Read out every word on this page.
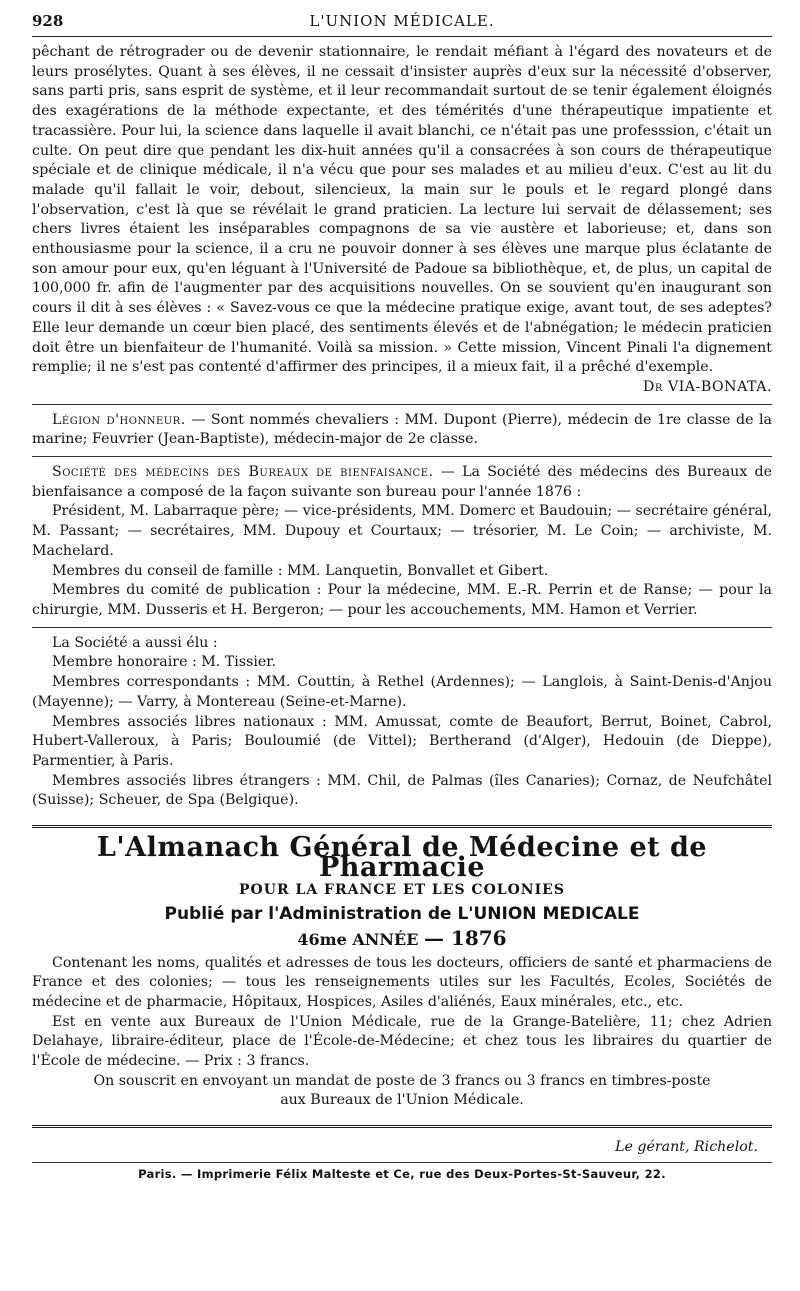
928	L'UNION MÉDICALE.

pêchant de rétrograder ou de devenir stationnaire, le rendait méfiant à l'égard des novateurs et de leurs prosélytes. Quant à ses élèves, il ne cessait d'insister auprès d'eux sur la nécessité d'observer, sans parti pris, sans esprit de système, et il leur recommandait surtout de se tenir également éloignés des exagérations de la méthode expectante, et des témérités d'une thérapeutique impatiente et tracassière. Pour lui, la science dans laquelle il avait blanchi, ce n'était pas une professsion, c'était un culte. On peut dire que pendant les dix-huit années qu'il a consacrées à son cours de thérapeutique spéciale et de clinique médicale, il n'a vécu que pour ses malades et au milieu d'eux. C'est au lit du malade qu'il fallait le voir, debout, silencieux, la main sur le pouls et le regard plongé dans l'observation, c'est là que se révélait le grand praticien. La lecture lui servait de délassement; ses chers livres étaient les inséparables compagnons de sa vie austère et laborieuse; et, dans son enthousiasme pour la science, il a cru ne pouvoir donner à ses élèves une marque plus éclatante de son amour pour eux, qu'en léguant à l'Université de Padoue sa bibliothèque, et, de plus, un capital de 100,000 fr. afin de l'augmenter par des acquisitions nouvelles. On se souvient qu'en inaugurant son cours il dit à ses élèves : « Savez-vous ce que la médecine pratique exige, avant tout, de ses adeptes? Elle leur demande un cœur bien placé, des sentiments élevés et de l'abnégation; le médecin praticien doit être un bienfaiteur de l'humanité. Voilà sa mission. » Cette mission, Vincent Pinali l'a dignement remplie; il ne s'est pas contenté d'affirmer des principes, il a mieux fait, il a prêché d'exemple.

Dr VIA-BONATA.

Légion d'honneur. — Sont nommés chevaliers : MM. Dupont (Pierre), médecin de 1re classe de la marine; Feuvrier (Jean-Baptiste), médecin-major de 2e classe.

Société des médecins des Bureaux de bienfaisance. — La Société des médecins des Bureaux de bienfaisance a composé de la façon suivante son bureau pour l'année 1876 :

Président, M. Labarraque père; — vice-présidents, MM. Domerc et Baudouin; — secrétaire général, M. Passant; — secrétaires, MM. Dupouy et Courtaux; — trésorier, M. Le Coin; — archiviste, M. Machelard.

Membres du conseil de famille : MM. Lanquetin, Bonvallet et Gibert.

Membres du comité de publication : Pour la médecine, MM. E.-R. Perrin et de Ranse; — pour la chirurgie, MM. Dusseris et H. Bergeron; — pour les accouchements, MM. Hamon et Verrier.

La Société a aussi élu :

Membre honoraire : M. Tissier.

Membres correspondants : MM. Couttin, à Rethel (Ardennes); — Langlois, à Saint-Denis-d'Anjou (Mayenne); — Varry, à Montereau (Seine-et-Marne).

Membres associés libres nationaux : MM. Amussat, comte de Beaufort, Berrut, Boinet, Cabrol, Hubert-Valleroux, à Paris; Bouloumié (de Vittel); Bertherand (d'Alger), Hedouin (de Dieppe), Parmentier, à Paris.

Membres associés libres étrangers : MM. Chil, de Palmas (îles Canaries); Cornaz, de Neufchâtel (Suisse); Scheuer, de Spa (Belgique).

L'Almanach Général de Médecine et de Pharmacie
POUR LA FRANCE ET LES COLONIES
Publié par l'Administration de L'UNION MEDICALE
46me ANNÉE — 1876

Contenant les noms, qualités et adresses de tous les docteurs, officiers de santé et pharmaciens de France et des colonies; — tous les renseignements utiles sur les Facultés, Ecoles, Sociétés de médecine et de pharmacie, Hôpitaux, Hospices, Asiles d'aliénés, Eaux minérales, etc., etc.

Est en vente aux Bureaux de l'Union Médicale, rue de la Grange-Batelière, 11; chez Adrien Delahaye, libraire-éditeur, place de l'École-de-Médecine; et chez tous les libraires du quartier de l'École de médecine. — Prix : 3 francs.

On souscrit en envoyant un mandat de poste de 3 francs ou 3 francs en timbres-poste

aux Bureaux de l'Union Médicale.

Le gérant, Richelot.
Paris. — Imprimerie Félix Malteste et Ce, rue des Deux-Portes-St-Sauveur, 22.
